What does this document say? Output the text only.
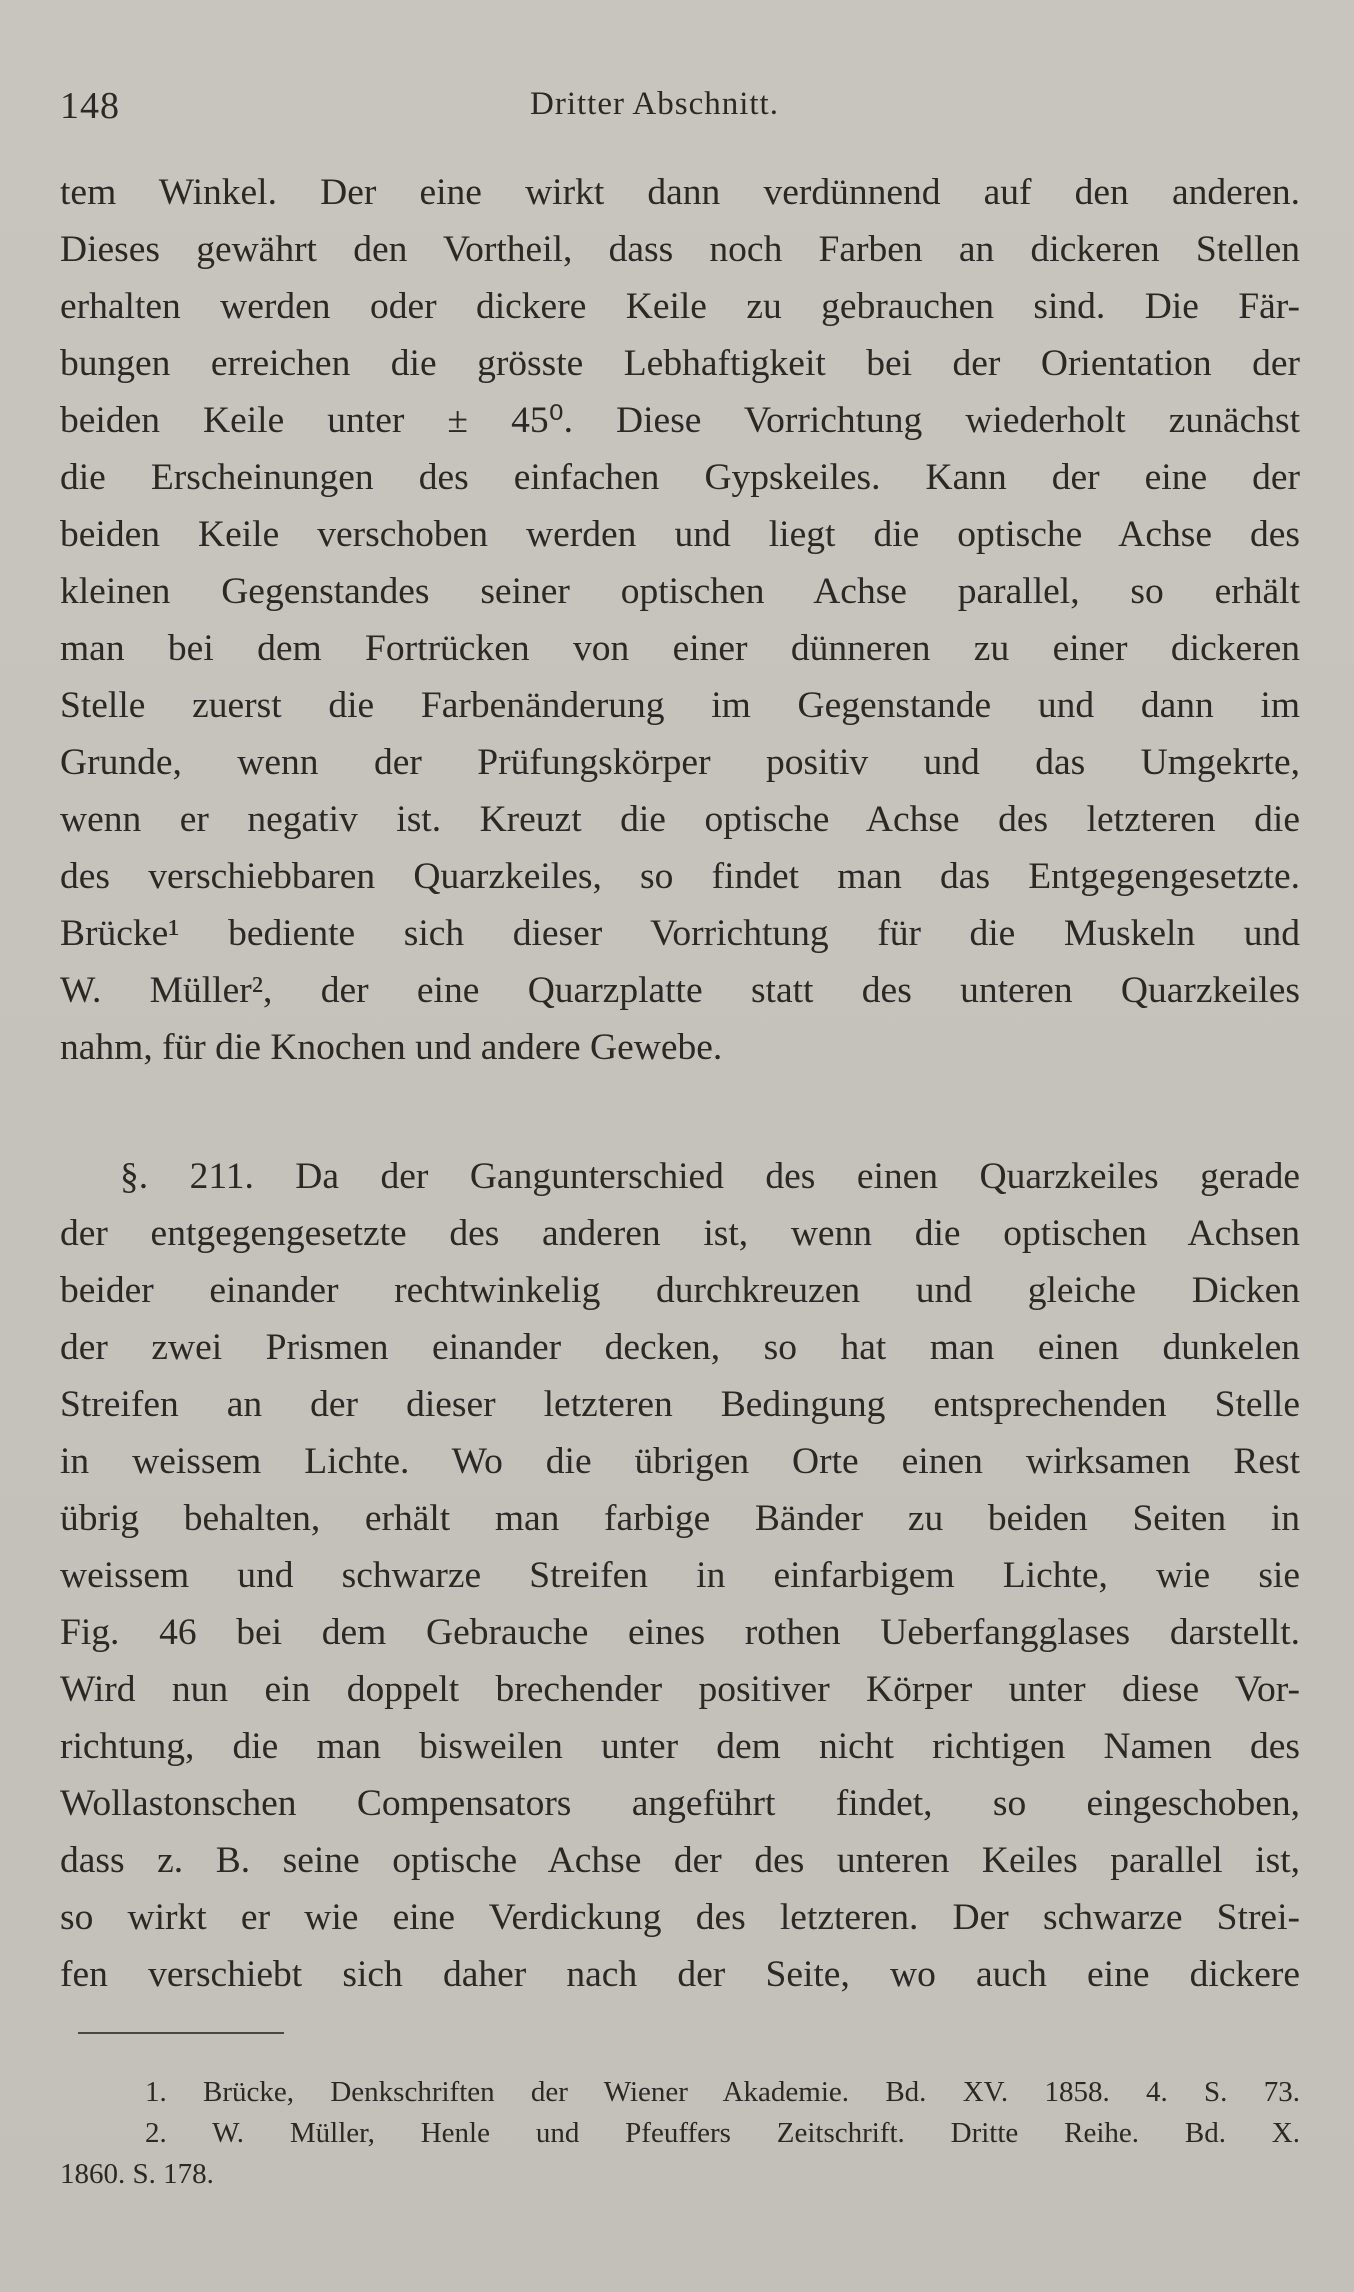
148	Dritter Abschnitt.
tem Winkel. Der eine wirkt dann verdünnend auf den anderen.
Dieses gewährt den Vortheil, dass noch Farben an dickeren Stellen
erhalten werden oder dickere Keile zu gebrauchen sind. Die Fär-
bungen erreichen die grösste Lebhaftigkeit bei der Orientation der
beiden Keile unter ± 45⁰. Diese Vorrichtung wiederholt zunächst
die Erscheinungen des einfachen Gypskeiles. Kann der eine der
beiden Keile verschoben werden und liegt die optische Achse des
kleinen Gegenstandes seiner optischen Achse parallel, so erhält
man bei dem Fortrücken von einer dünneren zu einer dickeren
Stelle zuerst die Farbenänderung im Gegenstande und dann im
Grunde, wenn der Prüfungskörper positiv und das Umgekrte,
wenn er negativ ist. Kreuzt die optische Achse des letzteren die
des verschiebbaren Quarzkeiles, so findet man das Entgegengesetzte.
Brücke¹ bediente sich dieser Vorrichtung für die Muskeln und
W. Müller², der eine Quarzplatte statt des unteren Quarzkeiles
nahm, für die Knochen und andere Gewebe.
§. 211. Da der Gangunterschied des einen Quarzkeiles gerade
der entgegengesetzte des anderen ist, wenn die optischen Achsen
beider einander rechtwinkelig durchkreuzen und gleiche Dicken
der zwei Prismen einander decken, so hat man einen dunkelen
Streifen an der dieser letzteren Bedingung entsprechenden Stelle
in weissem Lichte. Wo die übrigen Orte einen wirksamen Rest
übrig behalten, erhält man farbige Bänder zu beiden Seiten in
weissem und schwarze Streifen in einfarbigem Lichte, wie sie
Fig. 46 bei dem Gebrauche eines rothen Ueberfangglases darstellt.
Wird nun ein doppelt brechender positiver Körper unter diese Vor-
richtung, die man bisweilen unter dem nicht richtigen Namen des
Wollastonschen Compensators angeführt findet, so eingeschoben,
dass z. B. seine optische Achse der des unteren Keiles parallel ist,
so wirkt er wie eine Verdickung des letzteren. Der schwarze Strei-
fen verschiebt sich daher nach der Seite, wo auch eine dickere
1. Brücke, Denkschriften der Wiener Akademie. Bd. XV. 1858. 4. S. 73.
2. W. Müller, Henle und Pfeuffers Zeitschrift. Dritte Reihe. Bd. X.
1860. S. 178.
